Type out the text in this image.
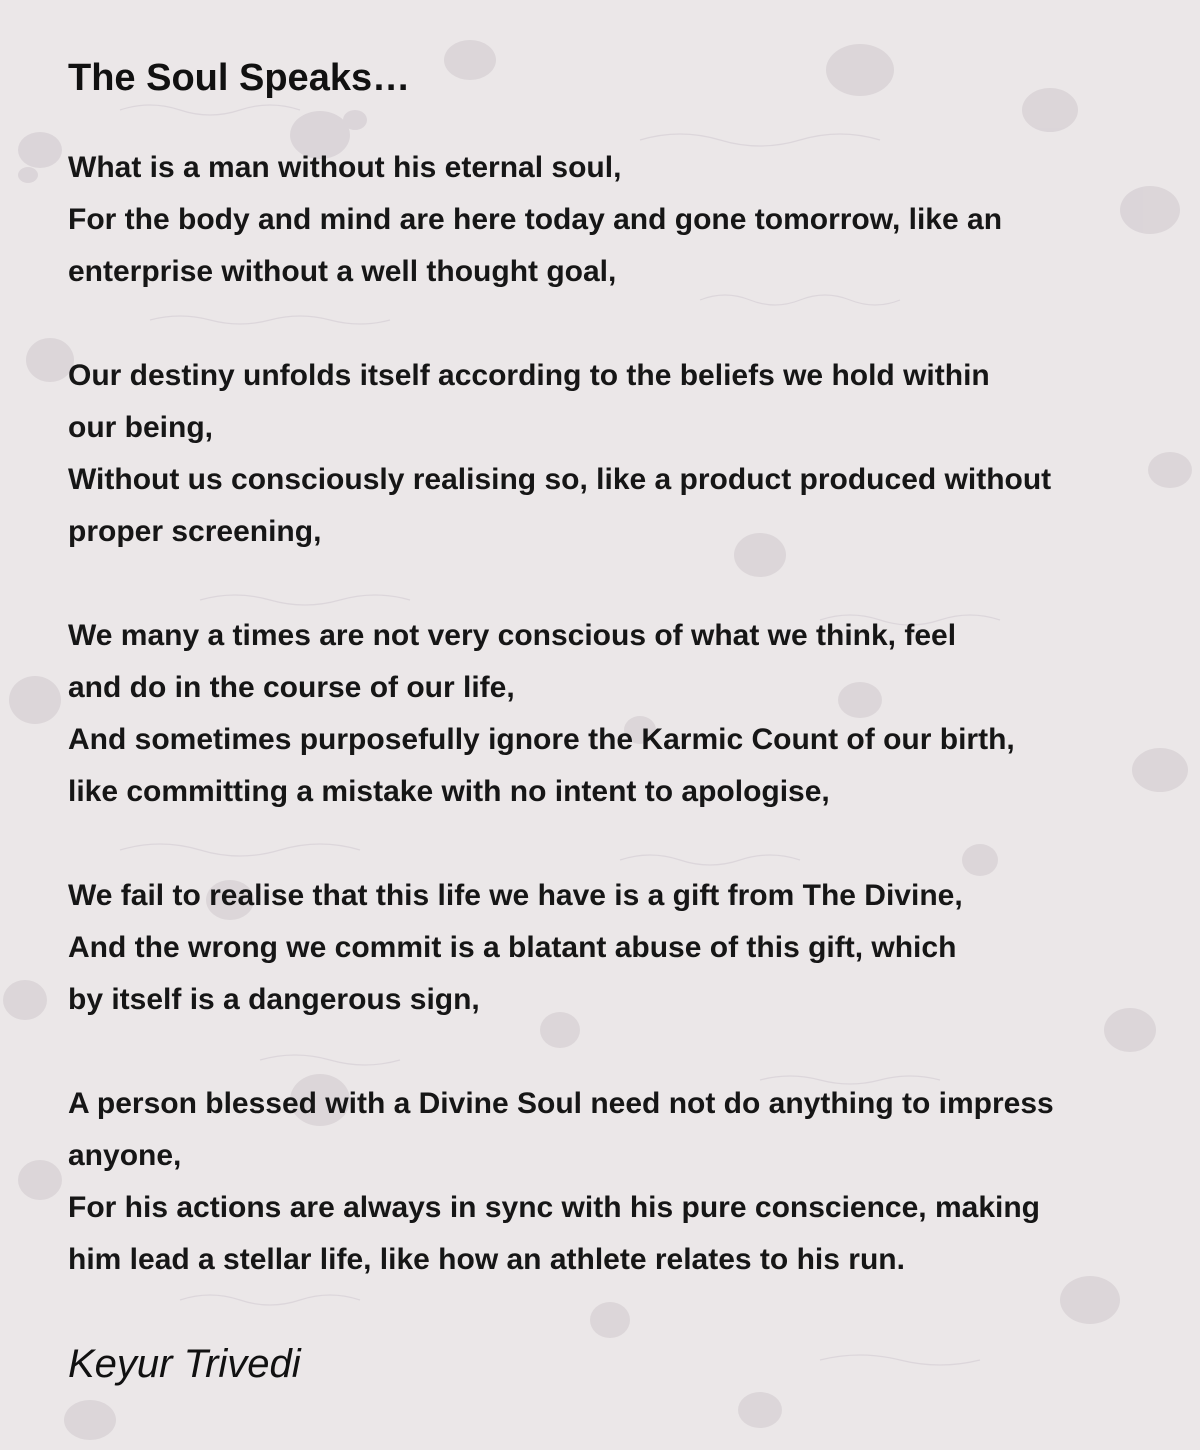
The Soul Speaks…
What is a man without his eternal soul,
For the body and mind are here today and gone tomorrow, like an
enterprise without a well thought goal,
Our destiny unfolds itself according to the beliefs we hold within
our being,
Without us consciously realising so, like a product produced without
proper screening,
We many a times are not very conscious of what we think, feel
and do in the course of our life,
And sometimes purposefully ignore the Karmic Count of our birth,
like committing a mistake with no intent to apologise,
We fail to realise that this life we have is a gift from The Divine,
And the wrong we commit is a blatant abuse of this gift, which
by itself is a dangerous sign,
A person blessed with a Divine Soul need not do anything to impress
anyone,
For his actions are always in sync with his pure conscience, making
him lead a stellar life, like how an athlete relates to his run.
Keyur Trivedi
